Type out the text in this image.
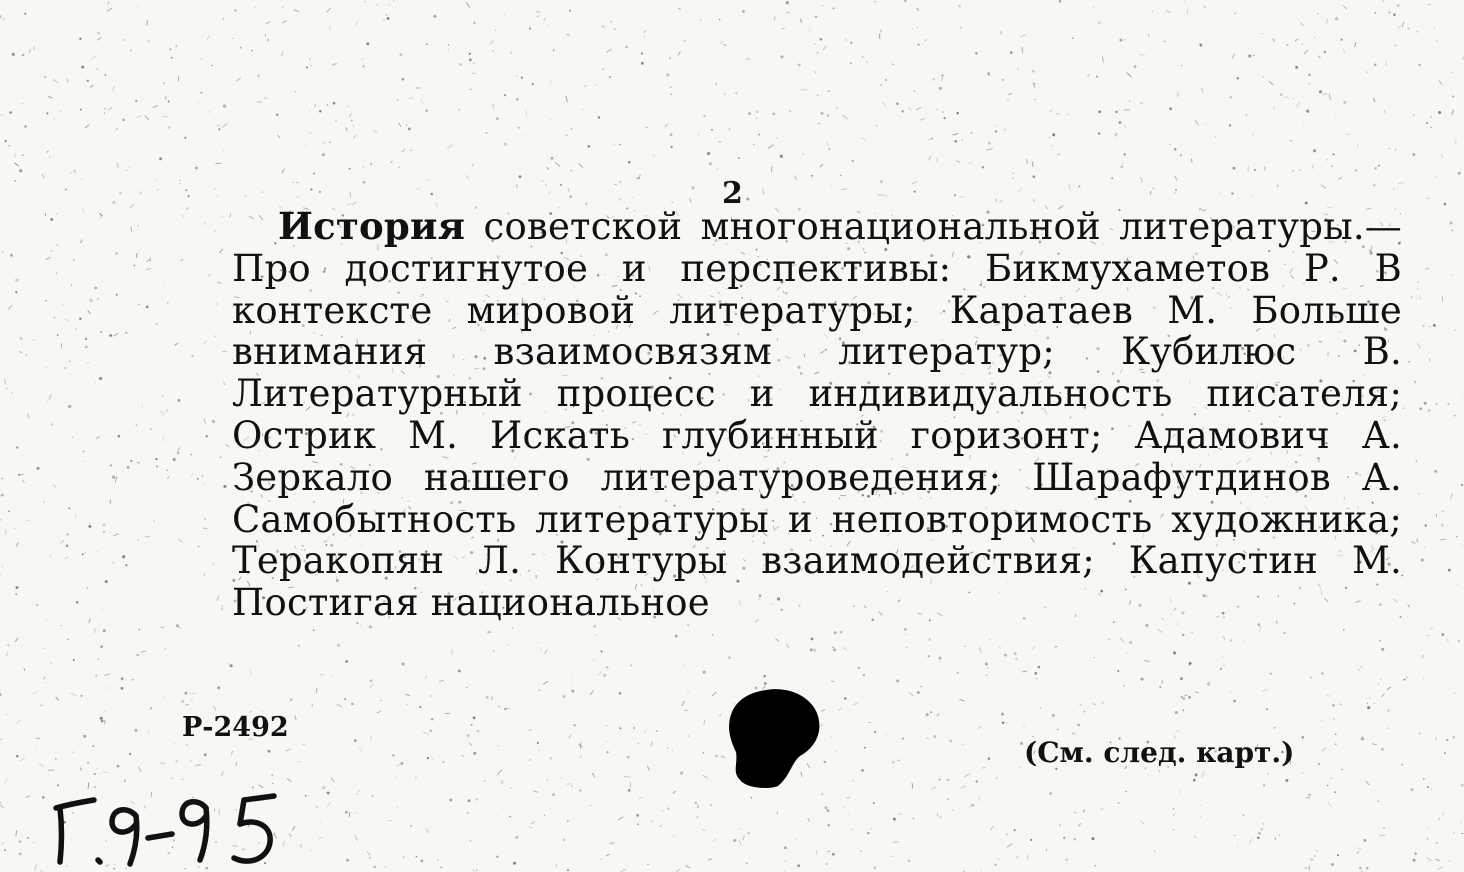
2

История советской многонациональной литературы.— Про достигнутое и перспективы: Бикмухаметов Р. В контексте мировой литературы; Каратаев М. Больше внимания взаимосвязям литератур; Кубилюс В. Литературный процесс и индивидуальность писателя; Острик М. Искать глубинный горизонт; Адамович А. Зеркало нашего литературоведения; Шарафутдинов А. Самобытность литературы и неповторимость художника; Теракопян Л. Контуры взаимодействия; Капустин М. Постигая национальное

Р-2492
(См. след. карт.)
